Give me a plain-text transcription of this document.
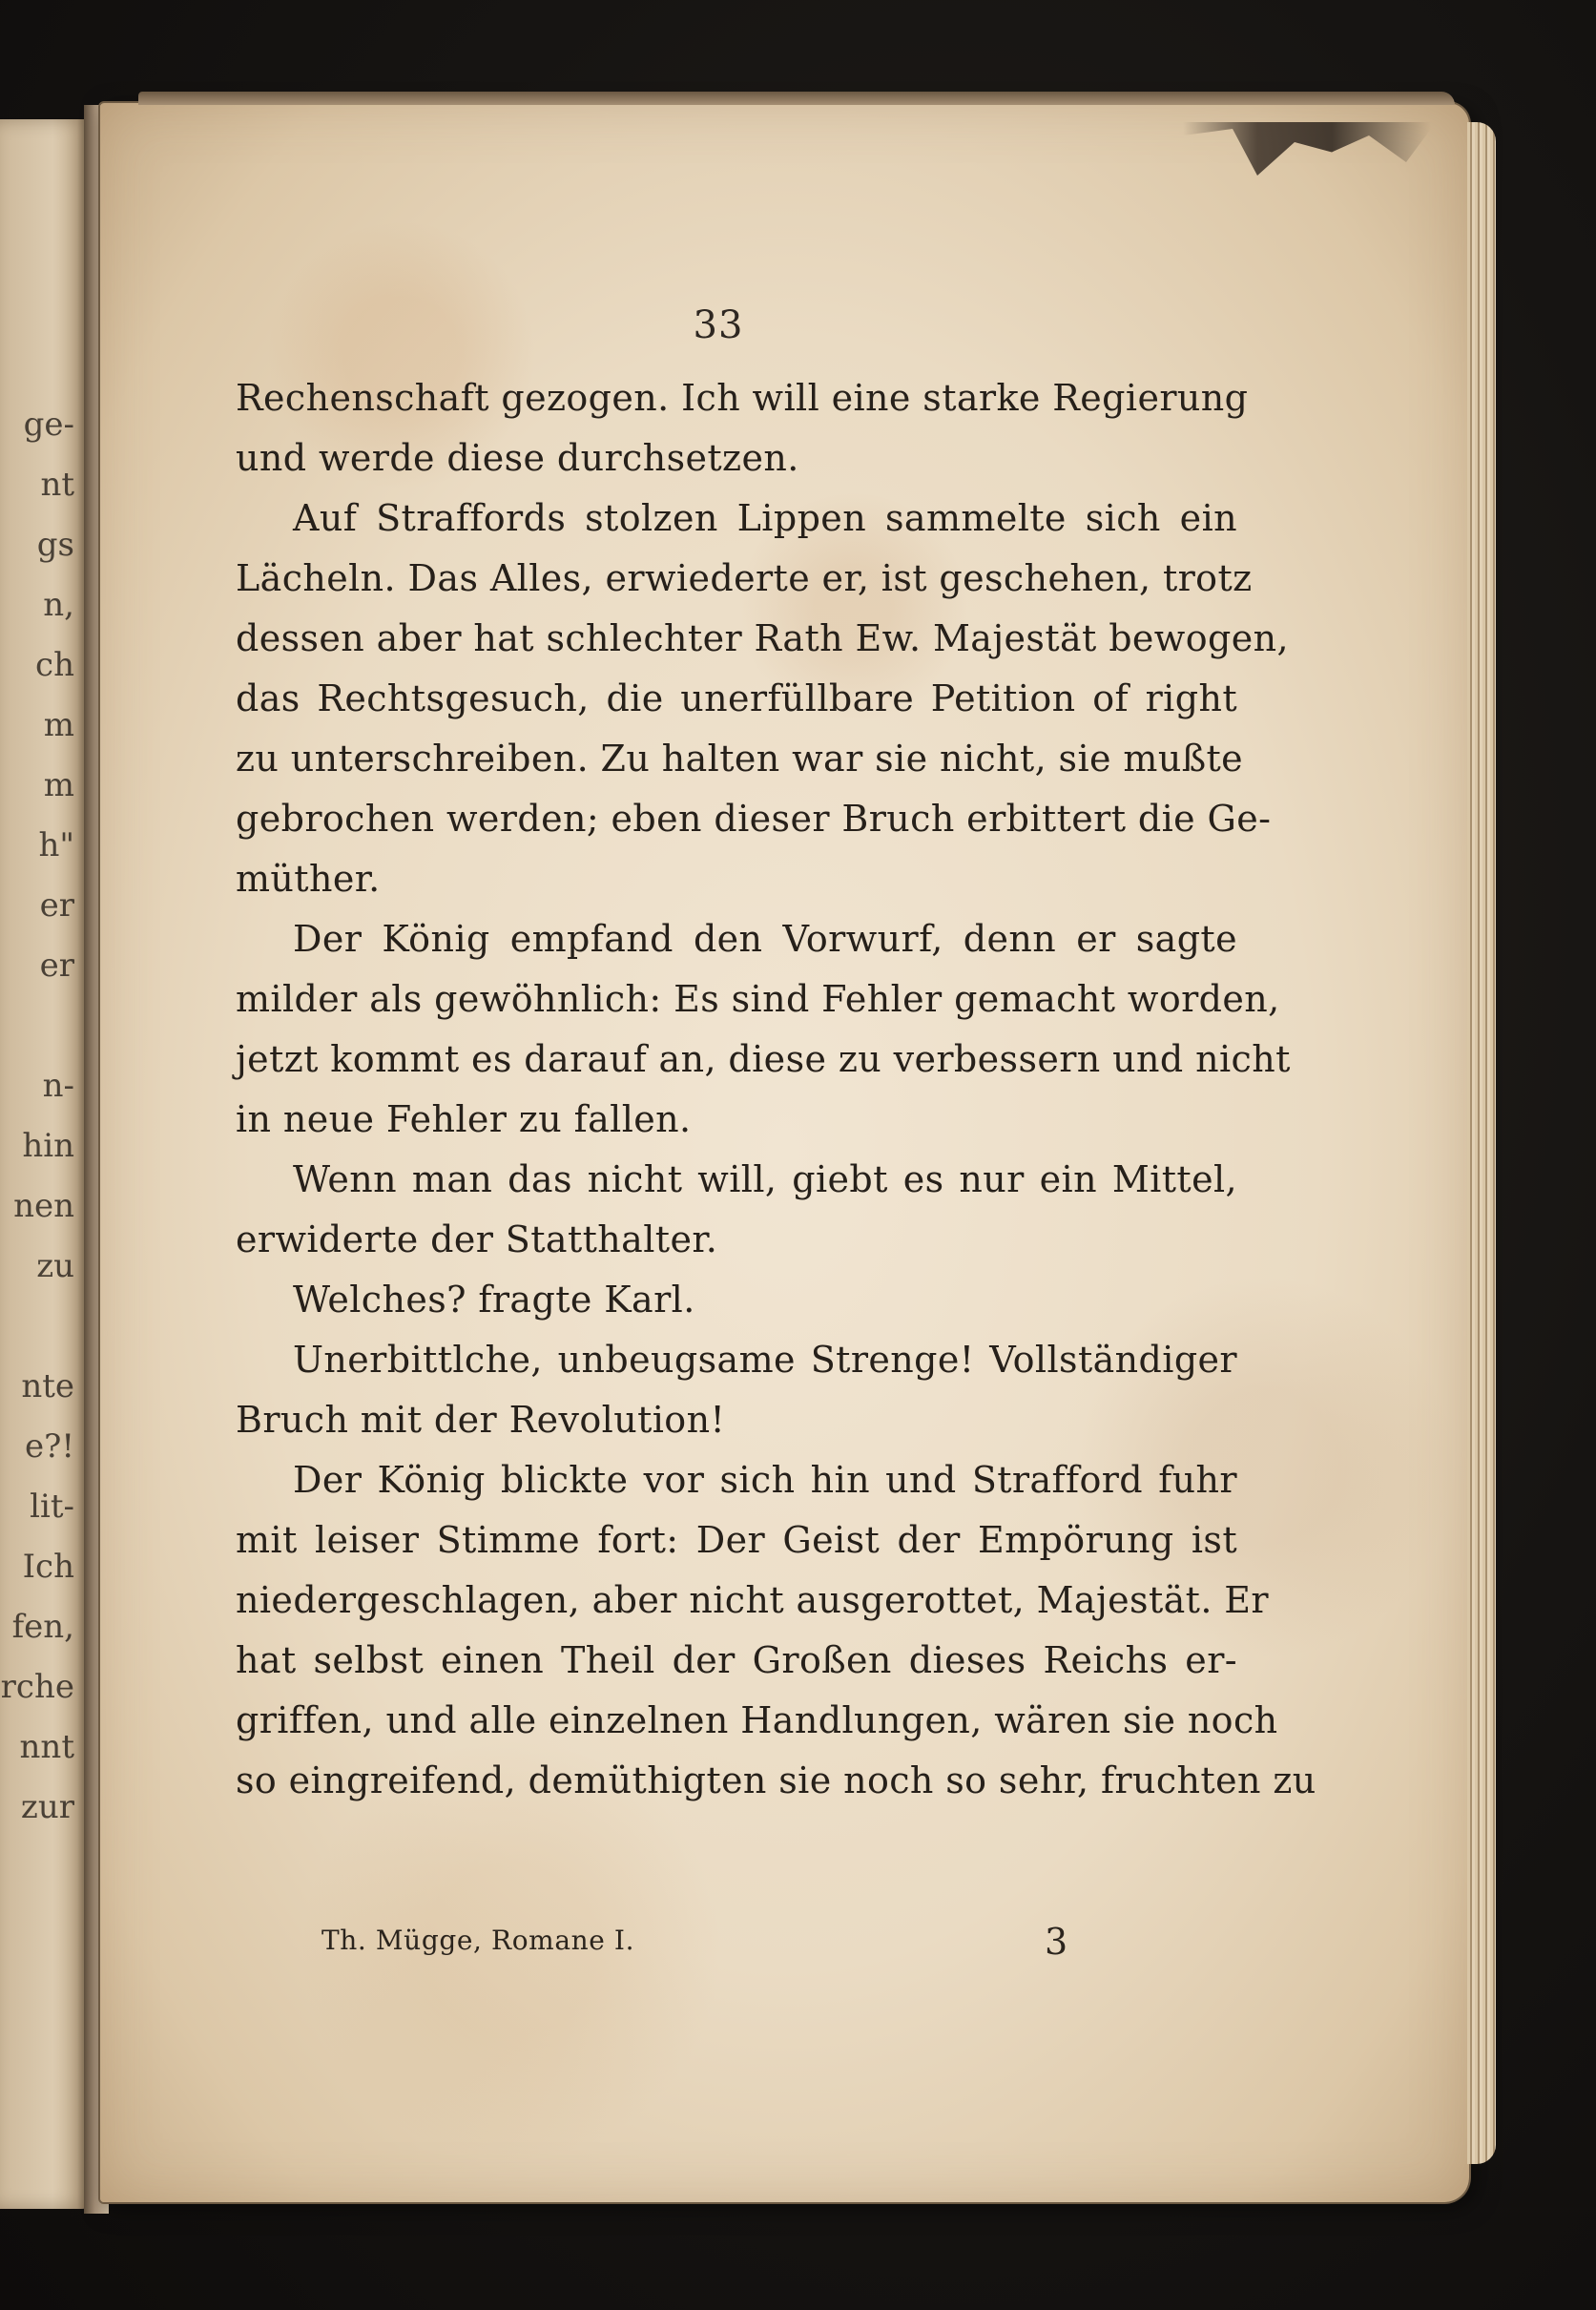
ge-
nt
gs
n,
ch
m
m
h"
er
er
n-
hin
nen
zu
nte
e?!
lit-
Ich
fen,
rche
nnt
zur
33
Rechenschaft gezogen. Ich will eine starke Regierung
und werde diese durchsetzen.
Auf Straffords stolzen Lippen sammelte sich ein
Lächeln. Das Alles, erwiederte er, ist geschehen, trotz
dessen aber hat schlechter Rath Ew. Majestät bewogen,
das Rechtsgesuch, die unerfüllbare Petition of right
zu unterschreiben. Zu halten war sie nicht, sie mußte
gebrochen werden; eben dieser Bruch erbittert die Ge-
müther.
Der König empfand den Vorwurf, denn er sagte
milder als gewöhnlich: Es sind Fehler gemacht worden,
jetzt kommt es darauf an, diese zu verbessern und nicht
in neue Fehler zu fallen.
Wenn man das nicht will, giebt es nur ein Mittel,
erwiderte der Statthalter.
Welches? fragte Karl.
Unerbittlche, unbeugsame Strenge! Vollständiger
Bruch mit der Revolution!
Der König blickte vor sich hin und Strafford fuhr
mit leiser Stimme fort: Der Geist der Empörung ist
niedergeschlagen, aber nicht ausgerottet, Majestät. Er
hat selbst einen Theil der Großen dieses Reichs er-
griffen, und alle einzelnen Handlungen, wären sie noch
so eingreifend, demüthigten sie noch so sehr, fruchten zu
Th. Mügge, Romane I.	3
